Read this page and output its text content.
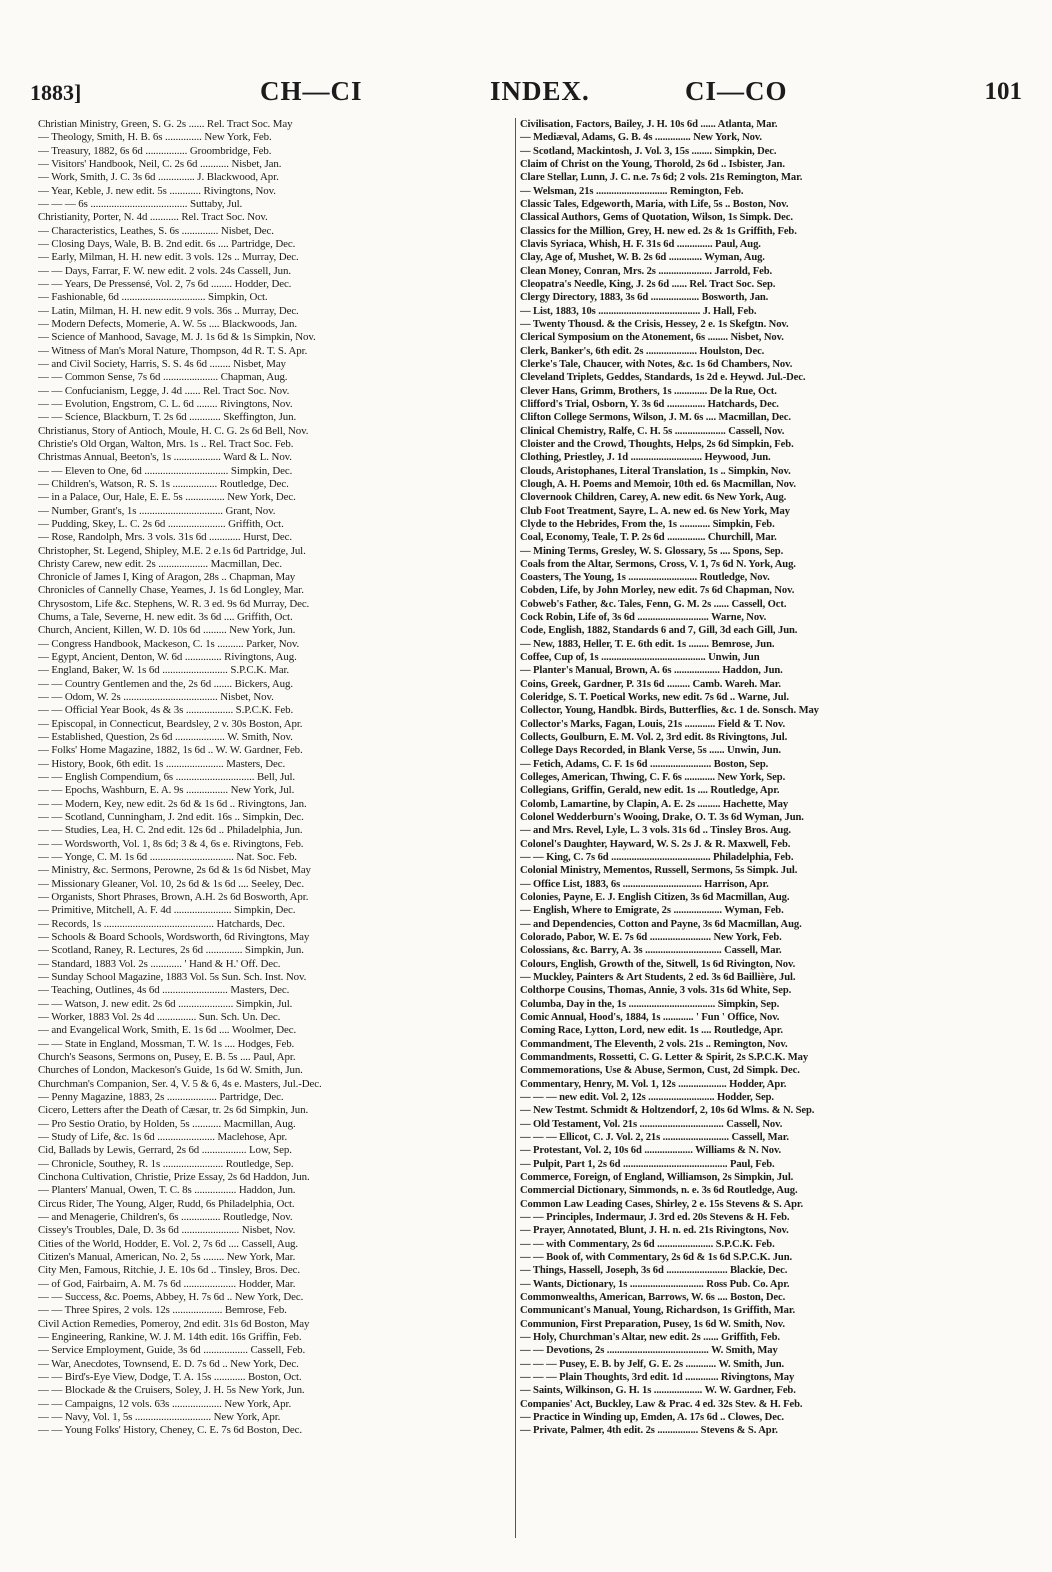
1883]	CH—CI	INDEX.	CI—CO	101
Christian Ministry, Green, S. G. 2s ...... Rel. Tract Soc. May
— Theology, Smith, H. B. 6s .............. New York, Feb.
— Treasury, 1882, 6s 6d ................ Groombridge, Feb.
— Visitors' Handbook, Neil, C. 2s 6d ........... Nisbet, Jan.
— Work, Smith, J. C. 3s 6d .............. J. Blackwood, Apr.
— Year, Keble, J. new edit. 5s ............ Rivingtons, Nov.
— — — 6s ..................................... Suttaby, Jul.
Christianity, Porter, N. 4d ........... Rel. Tract Soc. Nov.
— Characteristics, Leathes, S. 6s .............. Nisbet, Dec.
— Closing Days, Wale, B. B. 2nd edit. 6s .... Partridge, Dec.
— Early, Milman, H. H. new edit. 3 vols. 12s .. Murray, Dec.
— — Days, Farrar, F. W. new edit. 2 vols. 24s Cassell, Jun.
— — Years, De Pressensé, Vol. 2, 7s 6d ........ Hodder, Dec.
— Fashionable, 6d ................................ Simpkin, Oct.
— Latin, Milman, H. H. new edit. 9 vols. 36s .. Murray, Dec.
— Modern Defects, Momerie, A. W. 5s .... Blackwoods, Jan.
— Science of Manhood, Savage, M. J. 1s 6d & 1s Simpkin, Nov.
— Witness of Man's Moral Nature, Thompson, 4d R. T. S. Apr.
— and Civil Society, Harris, S. S. 4s 6d ........ Nisbet, May
— — Common Sense, 7s 6d ..................... Chapman, Aug.
— — Confucianism, Legge, J. 4d ...... Rel. Tract Soc. Nov.
— — Evolution, Engstrom, C. L. 6d ........ Rivingtons, Nov.
— — Science, Blackburn, T. 2s 6d ............ Skeffington, Jun.
Christianus, Story of Antioch, Moule, H. C. G. 2s 6d Bell, Nov.
Christie's Old Organ, Walton, Mrs. 1s .. Rel. Tract Soc. Feb.
Christmas Annual, Beeton's, 1s .................. Ward & L. Nov.
— — Eleven to One, 6d ................................ Simpkin, Dec.
— Children's, Watson, R. S. 1s ................. Routledge, Dec.
— in a Palace, Our, Hale, E. E. 5s ............... New York, Dec.
— Number, Grant's, 1s ................................ Grant, Nov.
— Pudding, Skey, L. C. 2s 6d ...................... Griffith, Oct.
— Rose, Randolph, Mrs. 3 vols. 31s 6d ............ Hurst, Dec.
Christopher, St. Legend, Shipley, M.E. 2 e.1s 6d Partridge, Jul.
Christy Carew, new edit. 2s ................... Macmillan, Dec.
Chronicle of James I, King of Aragon, 28s .. Chapman, May
Chronicles of Cannelly Chase, Yeames, J. 1s 6d Longley, Mar.
Chrysostom, Life &c. Stephens, W. R. 3 ed. 9s 6d Murray, Dec.
Chums, a Tale, Severne, H. new edit. 3s 6d .... Griffith, Oct.
Church, Ancient, Killen, W. D. 10s 6d ......... New York, Jun.
— Congress Handbook, Mackeson, C. 1s .......... Parker, Nov.
— Egypt, Ancient, Denton, W. 6d .............. Rivingtons, Aug.
— England, Baker, W. 1s 6d ......................... S.P.C.K. Mar.
— — Country Gentlemen and the, 2s 6d ....... Bickers, Aug.
— — Odom, W. 2s .................................... Nisbet, Nov.
— — Official Year Book, 4s & 3s .................. S.P.C.K. Feb.
— Episcopal, in Connecticut, Beardsley, 2 v. 30s Boston, Apr.
— Established, Question, 2s 6d ................... W. Smith, Nov.
— Folks' Home Magazine, 1882, 1s 6d .. W. W. Gardner, Feb.
— History, Book, 6th edit. 1s ...................... Masters, Dec.
— — English Compendium, 6s .............................. Bell, Jul.
— — Epochs, Washburn, E. A. 9s ................ New York, Jul.
— — Modern, Key, new edit. 2s 6d & 1s 6d .. Rivingtons, Jan.
— — Scotland, Cunningham, J. 2nd edit. 16s .. Simpkin, Dec.
— — Studies, Lea, H. C. 2nd edit. 12s 6d .. Philadelphia, Jun.
— — Wordsworth, Vol. 1, 8s 6d; 3 & 4, 6s e. Rivingtons, Feb.
— — Yonge, C. M. 1s 6d ................................ Nat. Soc. Feb.
— Ministry, &c. Sermons, Perowne, 2s 6d & 1s 6d Nisbet, May
— Missionary Gleaner, Vol. 10, 2s 6d & 1s 6d .... Seeley, Dec.
— Organists, Short Phrases, Brown, A.H. 2s 6d Bosworth, Apr.
— Primitive, Mitchell, A. F. 4d ...................... Simpkin, Dec.
— Records, 1s .......................................... Hatchards, Dec.
— Schools & Board Schools, Wordsworth, 6d Rivingtons, May
— Scotland, Raney, R. Lectures, 2s 6d .............. Simpkin, Jun.
— Standard, 1883 Vol. 2s ............ ' Hand & H.' Off. Dec.
— Sunday School Magazine, 1883 Vol. 5s Sun. Sch. Inst. Nov.
— Teaching, Outlines, 4s 6d ......................... Masters, Dec.
— — Watson, J. new edit. 2s 6d ..................... Simpkin, Jul.
— Worker, 1883 Vol. 2s 4d ............... Sun. Sch. Un. Dec.
— and Evangelical Work, Smith, E. 1s 6d .... Woolmer, Dec.
— — State in England, Mossman, T. W. 1s .... Hodges, Feb.
Church's Seasons, Sermons on, Pusey, E. B. 5s .... Paul, Apr.
Churches of London, Mackeson's Guide, 1s 6d W. Smith, Jun.
Churchman's Companion, Ser. 4, V. 5 & 6, 4s e. Masters, Jul.-Dec.
— Penny Magazine, 1883, 2s ................... Partridge, Dec.
Cicero, Letters after the Death of Cæsar, tr. 2s 6d Simpkin, Jun.
— Pro Sestio Oratio, by Holden, 5s ........... Macmillan, Aug.
— Study of Life, &c. 1s 6d ...................... Maclehose, Apr.
Cid, Ballads by Lewis, Gerrard, 2s 6d ................. Low, Sep.
— Chronicle, Southey, R. 1s ....................... Routledge, Sep.
Cinchona Cultivation, Christie, Prize Essay, 2s 6d Haddon, Jun.
— Planters' Manual, Owen, T. C. 8s ................ Haddon, Jun.
Circus Rider, The Young, Alger, Rudd, 6s Philadelphia, Oct.
— and Menagerie, Children's, 6s ............... Routledge, Nov.
Cissey's Troubles, Dale, D. 3s 6d ...................... Nisbet, Nov.
Cities of the World, Hodder, E. Vol. 2, 7s 6d .... Cassell, Aug.
Citizen's Manual, American, No. 2, 5s ........ New York, Mar.
City Men, Famous, Ritchie, J. E. 10s 6d .. Tinsley, Bros. Dec.
— of God, Fairbairn, A. M. 7s 6d .................... Hodder, Mar.
— — Success, &c. Poems, Abbey, H. 7s 6d .. New York, Dec.
— — Three Spires, 2 vols. 12s ................... Bemrose, Feb.
Civil Action Remedies, Pomeroy, 2nd edit. 31s 6d Boston, May
— Engineering, Rankine, W. J. M. 14th edit. 16s Griffin, Feb.
— Service Employment, Guide, 3s 6d ................. Cassell, Feb.
— War, Anecdotes, Townsend, E. D. 7s 6d .. New York, Dec.
— — Bird's-Eye View, Dodge, T. A. 15s ............ Boston, Oct.
— — Blockade & the Cruisers, Soley, J. H. 5s New York, Jun.
— — Campaigns, 12 vols. 63s ................... New York, Apr.
— — Navy, Vol. 1, 5s ............................. New York, Apr.
— — Young Folks' History, Cheney, C. E. 7s 6d Boston, Dec.
Civilisation, Factors, Bailey, J. H. 10s 6d ...... Atlanta, Mar.
— Mediæval, Adams, G. B. 4s .............. New York, Nov.
— Scotland, Mackintosh, J. Vol. 3, 15s ........ Simpkin, Dec.
Claim of Christ on the Young, Thorold, 2s 6d .. Isbister, Jan.
Clare Stellar, Lunn, J. C. n.e. 7s 6d; 2 vols. 21s Remington, Mar.
— Welsman, 21s ............................ Remington, Feb.
Classic Tales, Edgeworth, Maria, with Life, 5s .. Boston, Nov.
Classical Authors, Gems of Quotation, Wilson, 1s Simpk. Dec.
Classics for the Million, Grey, H. new ed. 2s & 1s Griffith, Feb.
Clavis Syriaca, Whish, H. F. 31s 6d .............. Paul, Aug.
Clay, Age of, Mushet, W. B. 2s 6d ............. Wyman, Aug.
Clean Money, Conran, Mrs. 2s ..................... Jarrold, Feb.
Cleopatra's Needle, King, J. 2s 6d ...... Rel. Tract Soc. Sep.
Clergy Directory, 1883, 3s 6d ................... Bosworth, Jan.
— List, 1883, 10s ........................................ J. Hall, Feb.
— Twenty Thousd. & the Crisis, Hessey, 2 e. 1s Skefgtn. Nov.
Clerical Symposium on the Atonement, 6s ........ Nisbet, Nov.
Clerk, Banker's, 6th edit. 2s .................... Houlston, Dec.
Clerke's Tale, Chaucer, with Notes, &c. 1s 6d Chambers, Nov.
Cleveland Triplets, Geddes, Standards, 1s 2d e. Heywd. Jul.-Dec.
Clever Hans, Grimm, Brothers, 1s ............. De la Rue, Oct.
Clifford's Trial, Osborn, Y. 3s 6d ............... Hatchards, Dec.
Clifton College Sermons, Wilson, J. M. 6s .... Macmillan, Dec.
Clinical Chemistry, Ralfe, C. H. 5s .................... Cassell, Nov.
Cloister and the Crowd, Thoughts, Helps, 2s 6d Simpkin, Feb.
Clothing, Priestley, J. 1d ............................ Heywood, Jun.
Clouds, Aristophanes, Literal Translation, 1s .. Simpkin, Nov.
Clough, A. H. Poems and Memoir, 10th ed. 6s Macmillan, Nov.
Clovernook Children, Carey, A. new edit. 6s New York, Aug.
Club Foot Treatment, Sayre, L. A. new ed. 6s New York, May
Clyde to the Hebrides, From the, 1s ............ Simpkin, Feb.
Coal, Economy, Teale, T. P. 2s 6d ............... Churchill, Mar.
— Mining Terms, Gresley, W. S. Glossary, 5s .... Spons, Sep.
Coals from the Altar, Sermons, Cross, V. 1, 7s 6d N. York, Aug.
Coasters, The Young, 1s ........................... Routledge, Nov.
Cobden, Life, by John Morley, new edit. 7s 6d Chapman, Nov.
Cobweb's Father, &c. Tales, Fenn, G. M. 2s ...... Cassell, Oct.
Cock Robin, Life of, 3s 6d ............................ Warne, Nov.
Code, English, 1882, Standards 6 and 7, Gill, 3d each Gill, Jun.
— New, 1883, Heller, T. E. 6th edit. 1s ........ Bemrose, Jun.
Coffee, Cup of, 1s ......................................... Unwin, Jun
— Planter's Manual, Brown, A. 6s .................. Haddon, Jun.
Coins, Greek, Gardner, P. 31s 6d ......... Camb. Wareh. Mar.
Coleridge, S. T. Poetical Works, new edit. 7s 6d .. Warne, Jul.
Collector, Young, Handbk. Birds, Butterflies, &c. 1 de. Sonsch. May
Collector's Marks, Fagan, Louis, 21s ............ Field & T. Nov.
Collects, Goulburn, E. M. Vol. 2, 3rd edit. 8s Rivingtons, Jul.
College Days Recorded, in Blank Verse, 5s ...... Unwin, Jun.
— Fetich, Adams, C. F. 1s 6d ........................ Boston, Sep.
Colleges, American, Thwing, C. F. 6s ............ New York, Sep.
Collegians, Griffin, Gerald, new edit. 1s .... Routledge, Apr.
Colomb, Lamartine, by Clapin, A. E. 2s ......... Hachette, May
Colonel Wedderburn's Wooing, Drake, O. T. 3s 6d Wyman, Jun.
— and Mrs. Revel, Lyle, L. 3 vols. 31s 6d .. Tinsley Bros. Aug.
Colonel's Daughter, Hayward, W. S. 2s J. & R. Maxwell, Feb.
— — King, C. 7s 6d ....................................... Philadelphia, Feb.
Colonial Ministry, Mementos, Russell, Sermons, 5s Simpk. Jul.
— Office List, 1883, 6s ............................... Harrison, Apr.
Colonies, Payne, E. J. English Citizen, 3s 6d Macmillan, Aug.
— English, Where to Emigrate, 2s ................... Wyman, Feb.
— and Dependencies, Cotton and Payne, 3s 6d Macmillan, Aug.
Colorado, Pabor, W. E. 7s 6d ........................ New York, Feb.
Colossians, &c. Barry, A. 3s .............................. Cassell, Mar.
Colours, English, Growth of the, Sitwell, 1s 6d Rivington, Nov.
— Muckley, Painters & Art Students, 2 ed. 3s 6d Baillière, Jul.
Colthorpe Cousins, Thomas, Annie, 3 vols. 31s 6d White, Sep.
Columba, Day in the, 1s .................................. Simpkin, Sep.
Comic Annual, Hood's, 1884, 1s ............ ' Fun ' Office, Nov.
Coming Race, Lytton, Lord, new edit. 1s .... Routledge, Apr.
Commandment, The Eleventh, 2 vols. 21s .. Remington, Nov.
Commandments, Rossetti, C. G. Letter & Spirit, 2s S.P.C.K. May
Commemorations, Use & Abuse, Sermon, Cust, 2d Simpk. Dec.
Commentary, Henry, M. Vol. 1, 12s ................... Hodder, Apr.
— — — new edit. Vol. 2, 12s .......................... Hodder, Sep.
— New Testmt. Schmidt & Holtzendorf, 2, 10s 6d Wlms. & N. Sep.
— Old Testament, Vol. 21s ................................. Cassell, Nov.
— — — Ellicot, C. J. Vol. 2, 21s .......................... Cassell, Mar.
— Protestant, Vol. 2, 10s 6d ................... Williams & N. Nov.
— Pulpit, Part 1, 2s 6d ......................................... Paul, Feb.
Commerce, Foreign, of England, Williamson, 2s Simpkin, Jul.
Commercial Dictionary, Simmonds, n. e. 3s 6d Routledge, Aug.
Common Law Leading Cases, Shirley, 2 e. 15s Stevens & S. Apr.
— — Principles, Indermaur, J. 3rd ed. 20s Stevens & H. Feb.
— Prayer, Annotated, Blunt, J. H. n. ed. 21s Rivingtons, Nov.
— — with Commentary, 2s 6d ...................... S.P.C.K. Feb.
— — Book of, with Commentary, 2s 6d & 1s 6d S.P.C.K. Jun.
— Things, Hassell, Joseph, 3s 6d ........................ Blackie, Dec.
— Wants, Dictionary, 1s ............................. Ross Pub. Co. Apr.
Commonwealths, American, Barrows, W. 6s .... Boston, Dec.
Communicant's Manual, Young, Richardson, 1s Griffith, Mar.
Communion, First Preparation, Pusey, 1s 6d W. Smith, Nov.
— Holy, Churchman's Altar, new edit. 2s ...... Griffith, Feb.
— — Devotions, 2s ........................................ W. Smith, May
— — — Pusey, E. B. by Jelf, G. E. 2s ............ W. Smith, Jun.
— — — Plain Thoughts, 3rd edit. 1d ............. Rivingtons, May
— Saints, Wilkinson, G. H. 1s ................... W. W. Gardner, Feb.
Companies' Act, Buckley, Law & Prac. 4 ed. 32s Stev. & H. Feb.
— Practice in Winding up, Emden, A. 17s 6d .. Clowes, Dec.
— Private, Palmer, 4th edit. 2s ................ Stevens & S. Apr.
